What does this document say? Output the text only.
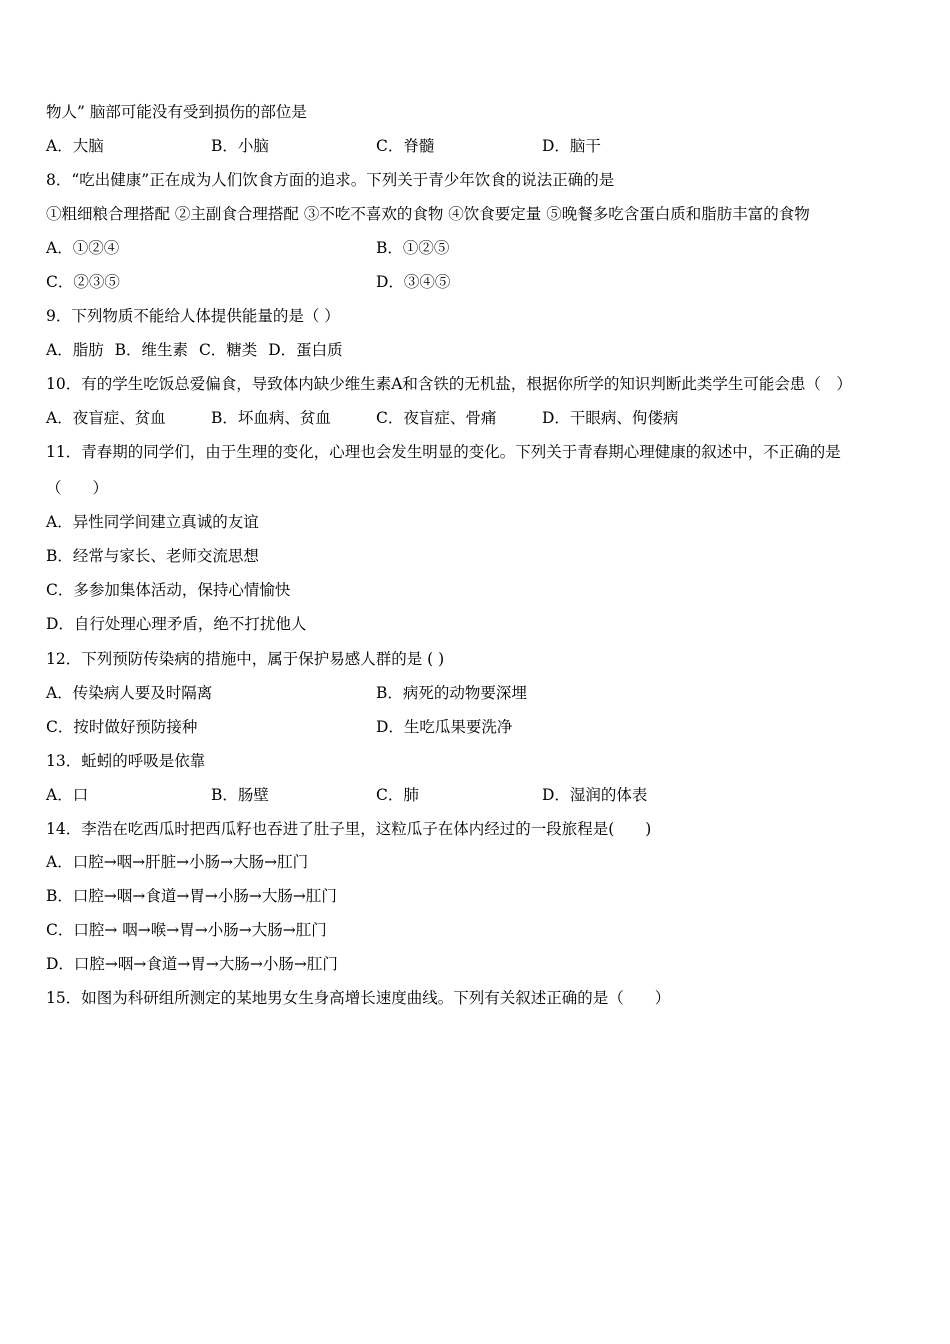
物人” 脑部可能没有受到损伤的部位是
A．大脑	B．小脑	C．脊髓	D．脑干
8．“吃出健康”正在成为人们饮食方面的追求。下列关于青少年饮食的说法正确的是
①粗细粮合理搭配 ②主副食合理搭配 ③不吃不喜欢的食物 ④饮食要定量 ⑤晚餐多吃含蛋白质和脂肪丰富的食物
A．①②④	B．①②⑤
C．②③⑤	D．③④⑤
9．下列物质不能给人体提供能量的是（ ）
A．脂肪 B．维生素 C．糖类 D．蛋白质
10．有的学生吃饭总爱偏食，导致体内缺少维生素A和含铁的无机盐，根据你所学的知识判断此类学生可能会患（　）
A．夜盲症、贫血	B．坏血病、贫血	C．夜盲症、骨痛	D．干眼病、佝偻病
11．青春期的同学们，由于生理的变化，心理也会发生明显的变化。下列关于青春期心理健康的叙述中，不正确的是
（　　）
A．异性同学间建立真诚的友谊
B．经常与家长、老师交流思想
C．多参加集体活动，保持心情愉快
D．自行处理心理矛盾，绝不打扰他人
12．下列预防传染病的措施中，属于保护易感人群的是 ( )
A．传染病人要及时隔离	B．病死的动物要深埋
C．按时做好预防接种	D．生吃瓜果要洗净
13．蚯蚓的呼吸是依靠
A．口	B．肠壁	C．肺	D．湿润的体表
14．李浩在吃西瓜时把西瓜籽也吞进了肚子里，这粒瓜子在体内经过的一段旅程是(　　)
A．口腔→咽→肝脏→小肠→大肠→肛门
B．口腔→咽→食道→胃→小肠→大肠→肛门
C．口腔→ 咽→喉→胃→小肠→大肠→肛门
D．口腔→咽→食道→胃→大肠→小肠→肛门
15．如图为科研组所测定的某地男女生身高增长速度曲线。下列有关叙述正确的是（　　）
